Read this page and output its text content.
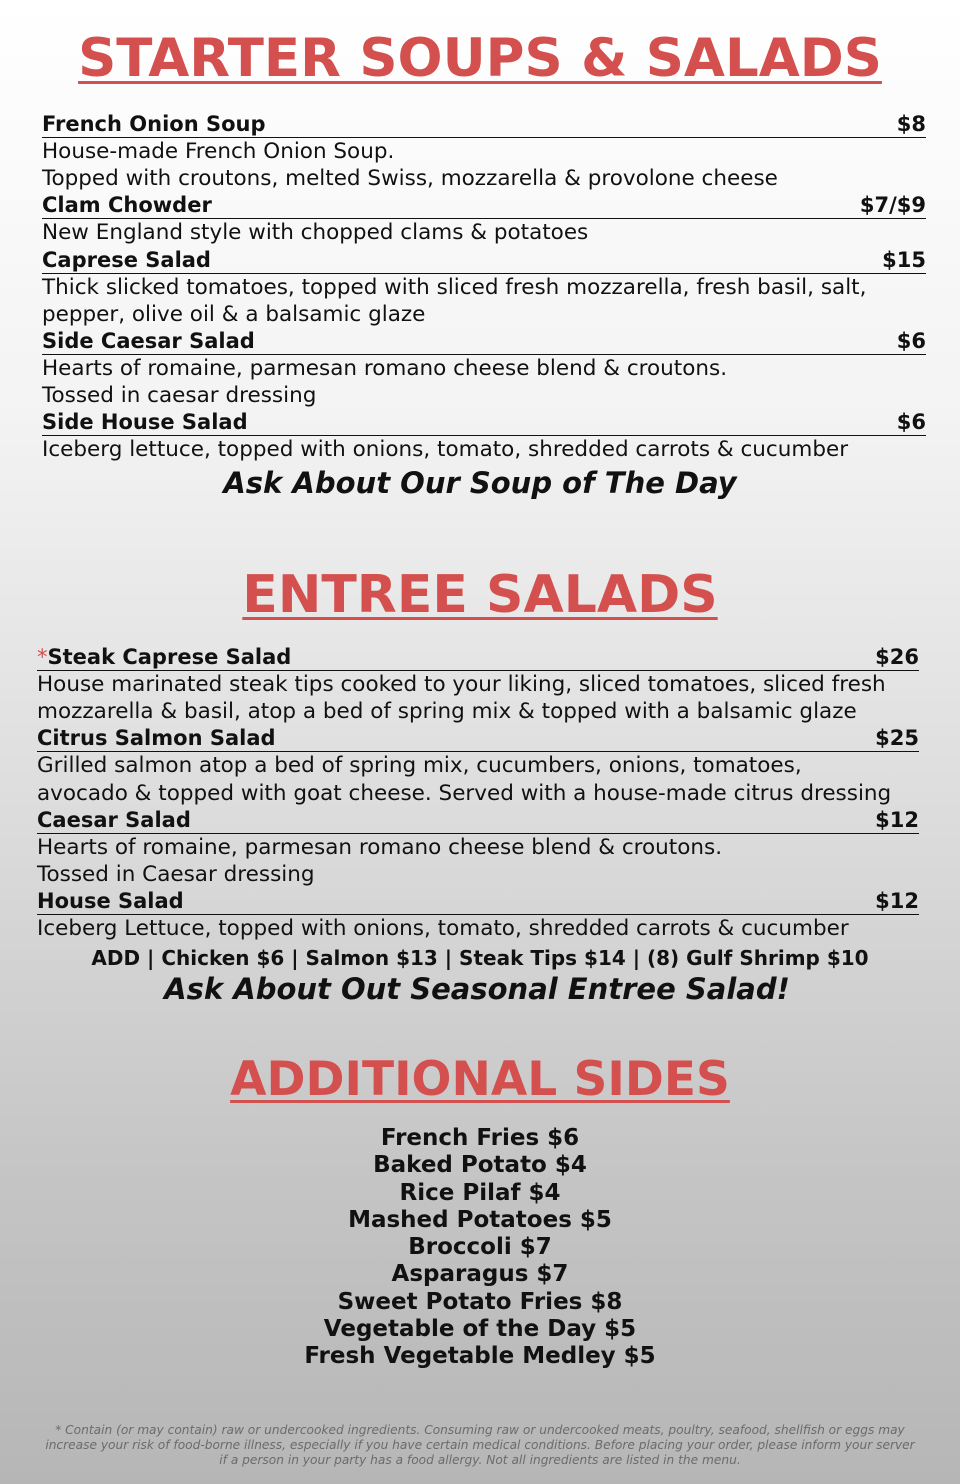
STARTER SOUPS & SALADS
French Onion Soup	$8
House-made French Onion Soup.
Topped with croutons, melted Swiss, mozzarella & provolone cheese
Clam Chowder	$7/$9
New England style with chopped clams & potatoes
Caprese Salad	$15
Thick slicked tomatoes, topped with sliced fresh mozzarella, fresh basil, salt,
pepper, olive oil & a balsamic glaze
Side Caesar Salad	$6
Hearts of romaine, parmesan romano cheese blend & croutons.
Tossed in caesar dressing
Side House Salad	$6
Iceberg lettuce, topped with onions, tomato, shredded carrots & cucumber
Ask About Our Soup of The Day
ENTREE SALADS
*Steak Caprese Salad	$26
House marinated steak tips cooked to your liking, sliced tomatoes, sliced fresh
mozzarella & basil, atop a bed of spring mix & topped with a balsamic glaze
Citrus Salmon Salad	$25
Grilled salmon atop a bed of spring mix, cucumbers, onions, tomatoes,
avocado & topped with goat cheese. Served with a house-made citrus dressing
Caesar Salad	$12
Hearts of romaine, parmesan romano cheese blend & croutons.
Tossed in Caesar dressing
House Salad	$12
Iceberg Lettuce, topped with onions, tomato, shredded carrots & cucumber
ADD | Chicken $6 | Salmon $13 | Steak Tips $14 | (8) Gulf Shrimp $10
Ask About Out Seasonal Entree Salad!
ADDITIONAL SIDES
French Fries $6
Baked Potato $4
Rice Pilaf $4
Mashed Potatoes $5
Broccoli $7
Asparagus $7
Sweet Potato Fries $8
Vegetable of the Day $5
Fresh Vegetable Medley $5
* Contain (or may contain) raw or undercooked ingredients. Consuming raw or undercooked meats, poultry, seafood, shellfish or eggs may increase your risk of food-borne illness, especially if you have certain medical conditions. Before placing your order, please inform your server if a person in your party has a food allergy. Not all ingredients are listed in the menu.
